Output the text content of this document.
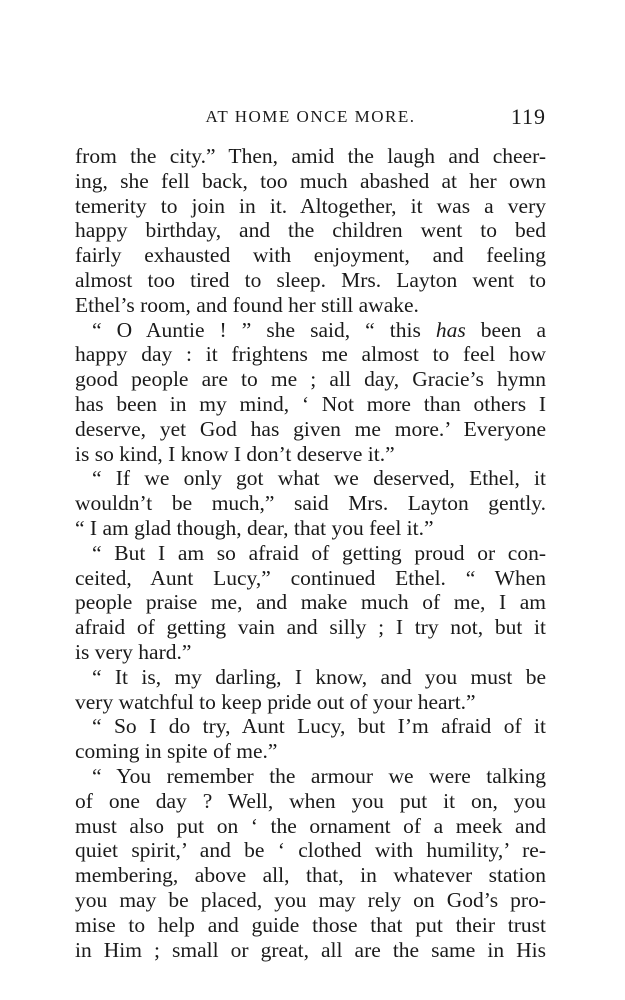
AT HOME ONCE MORE.	119
from the city.” Then, amid the laugh and cheer-
ing, she fell back, too much abashed at her own
temerity to join in it. Altogether, it was a very
happy birthday, and the children went to bed
fairly exhausted with enjoyment, and feeling
almost too tired to sleep. Mrs. Layton went to
Ethel’s room, and found her still awake.
“ O Auntie ! ” she said, “ this has been a
happy day : it frightens me almost to feel how
good people are to me ; all day, Gracie’s hymn
has been in my mind, ‘ Not more than others I
deserve, yet God has given me more.’ Everyone
is so kind, I know I don’t deserve it.”
“ If we only got what we deserved, Ethel, it
wouldn’t be much,” said Mrs. Layton gently.
“ I am glad though, dear, that you feel it.”
“ But I am so afraid of getting proud or con-
ceited, Aunt Lucy,” continued Ethel. “ When
people praise me, and make much of me, I am
afraid of getting vain and silly ; I try not, but it
is very hard.”
“ It is, my darling, I know, and you must be
very watchful to keep pride out of your heart.”
“ So I do try, Aunt Lucy, but I’m afraid of it
coming in spite of me.”
“ You remember the armour we were talking
of one day ? Well, when you put it on, you
must also put on ‘ the ornament of a meek and
quiet spirit,’ and be ‘ clothed with humility,’ re-
membering, above all, that, in whatever station
you may be placed, you may rely on God’s pro-
mise to help and guide those that put their trust
in Him ; small or great, all are the same in His
